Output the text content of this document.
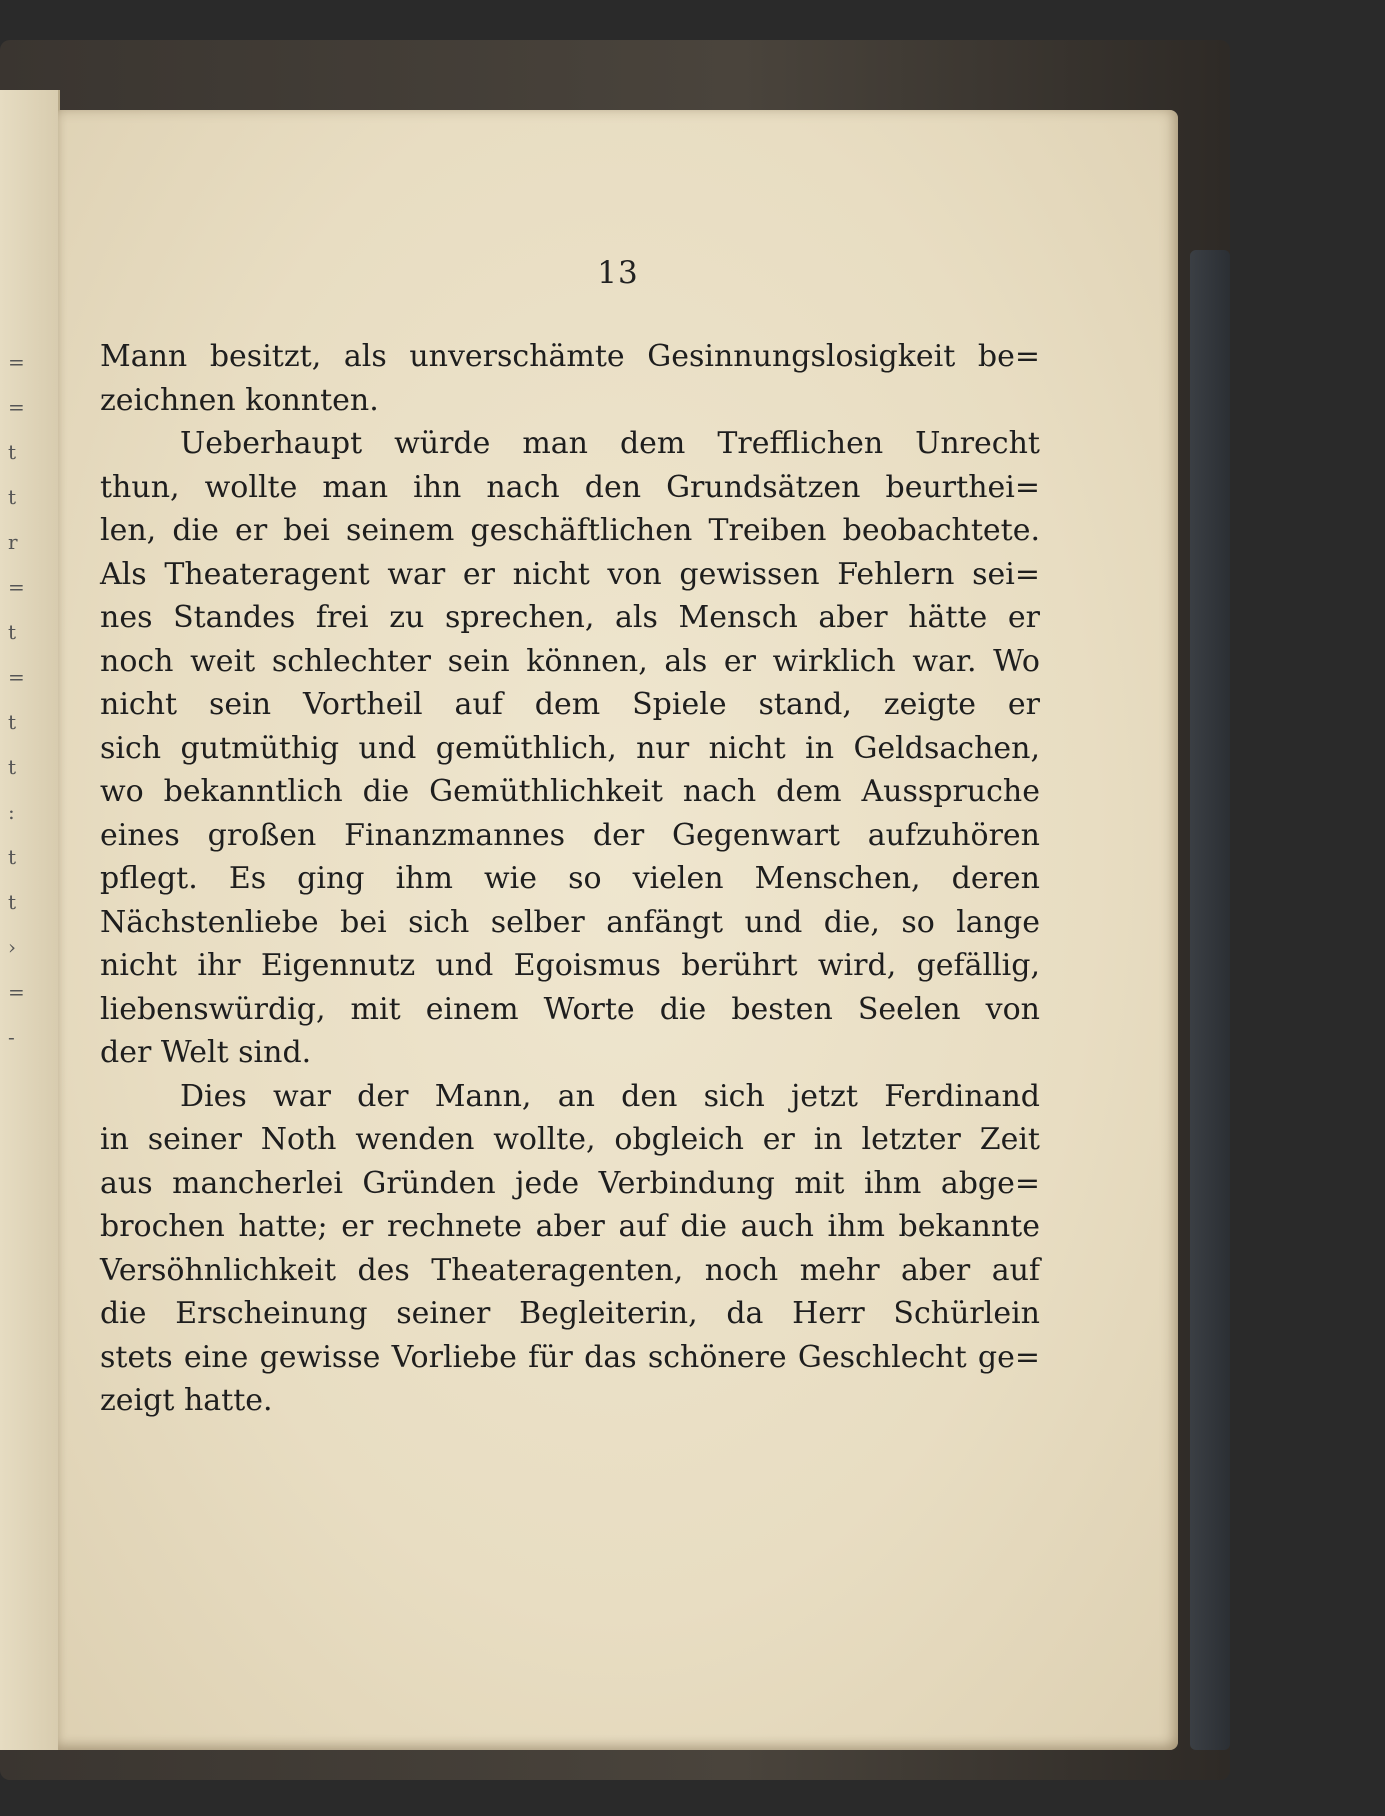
=
=
t
t
r
=
t
=
t
t
:
t
t
›
=
-
13
Mann besitzt, als unverschämte Gesinnungslosigkeit be=
zeichnen konnten.
Ueberhaupt würde man dem Trefflichen Unrecht
thun, wollte man ihn nach den Grundsätzen beurthei=
len, die er bei seinem geschäftlichen Treiben beobachtete.
Als Theateragent war er nicht von gewissen Fehlern sei=
nes Standes frei zu sprechen, als Mensch aber hätte er
noch weit schlechter sein können, als er wirklich war. Wo
nicht sein Vortheil auf dem Spiele stand, zeigte er
sich gutmüthig und gemüthlich, nur nicht in Geldsachen,
wo bekanntlich die Gemüthlichkeit nach dem Ausspruche
eines großen Finanzmannes der Gegenwart aufzuhören
pflegt. Es ging ihm wie so vielen Menschen, deren
Nächstenliebe bei sich selber anfängt und die, so lange
nicht ihr Eigennutz und Egoismus berührt wird, gefällig,
liebenswürdig, mit einem Worte die besten Seelen von
der Welt sind.
Dies war der Mann, an den sich jetzt Ferdinand
in seiner Noth wenden wollte, obgleich er in letzter Zeit
aus mancherlei Gründen jede Verbindung mit ihm abge=
brochen hatte; er rechnete aber auf die auch ihm bekannte
Versöhnlichkeit des Theateragenten, noch mehr aber auf
die Erscheinung seiner Begleiterin, da Herr Schürlein
stets eine gewisse Vorliebe für das schönere Geschlecht ge=
zeigt hatte.
